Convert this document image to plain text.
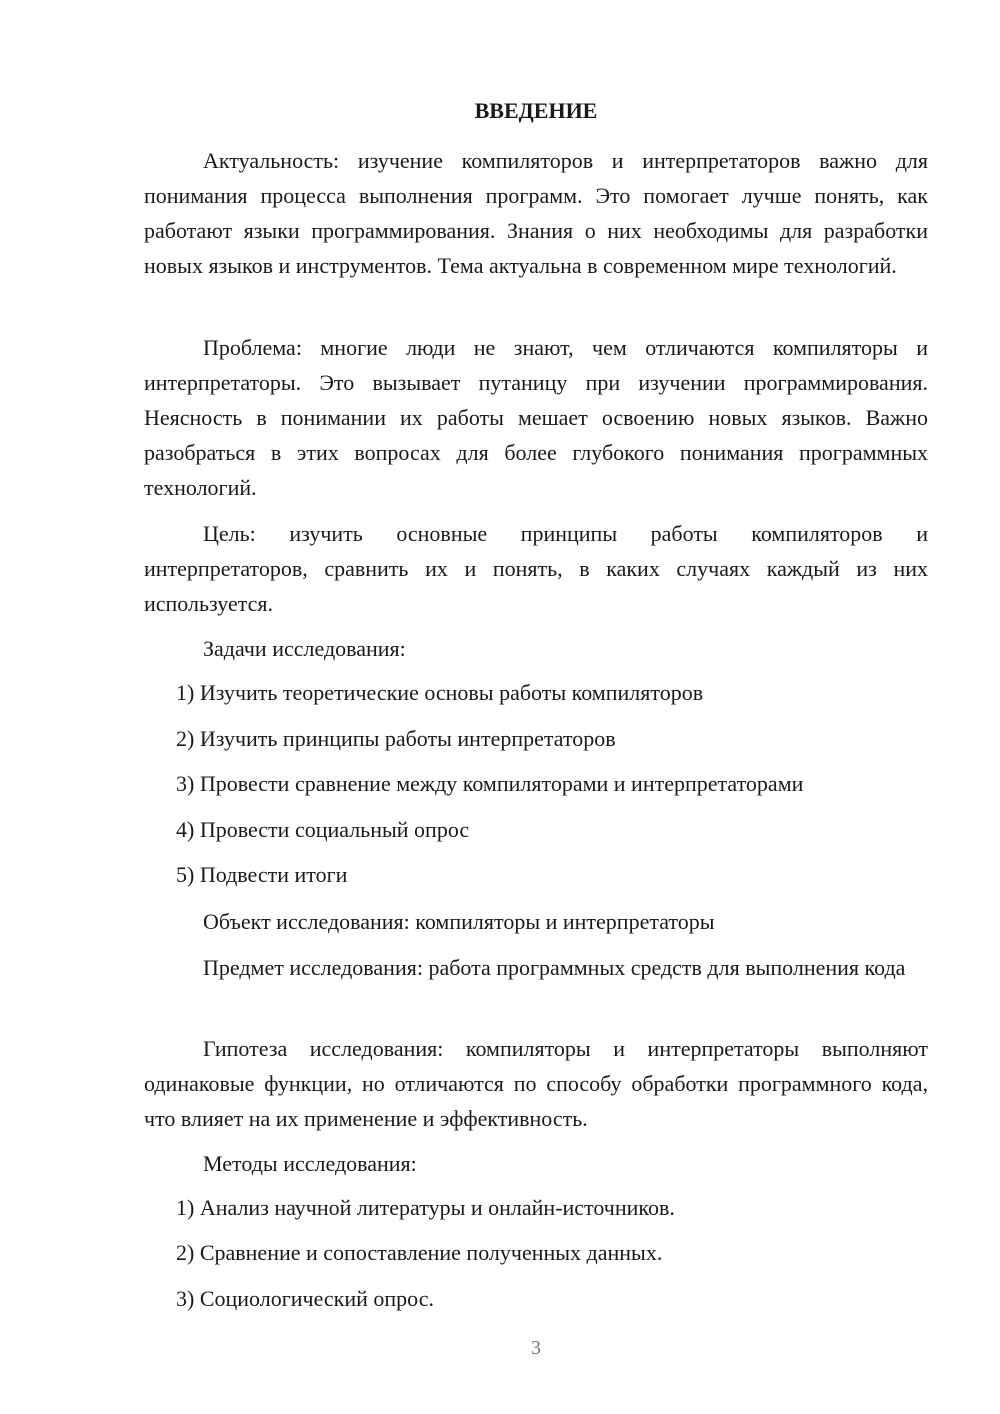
ВВЕДЕНИЕ
Актуальность: изучение компиляторов и интерпретаторов важно для понимания процесса выполнения программ. Это помогает лучше понять, как работают языки программирования. Знания о них необходимы для разработки новых языков и инструментов. Тема актуальна в современном мире технологий.
Проблема: многие люди не знают, чем отличаются компиляторы и интерпретаторы. Это вызывает путаницу при изучении программирования. Неясность в понимании их работы мешает освоению новых языков. Важно разобраться в этих вопросах для более глубокого понимания программных технологий.
Цель: изучить основные принципы работы компиляторов и интерпретаторов, сравнить их и понять, в каких случаях каждый из них используется.
Задачи исследования:
1) Изучить теоретические основы работы компиляторов
2) Изучить принципы работы интерпретаторов
3) Провести сравнение между компиляторами и интерпретаторами
4) Провести социальный опрос
5) Подвести итоги
Объект исследования: компиляторы и интерпретаторы
Предмет исследования: работа программных средств для выполнения кода
Гипотеза исследования: компиляторы и интерпретаторы выполняют одинаковые функции, но отличаются по способу обработки программного кода, что влияет на их применение и эффективность.
Методы исследования:
1) Анализ научной литературы и онлайн-источников.
2) Сравнение и сопоставление полученных данных.
3) Социологический опрос.
3
